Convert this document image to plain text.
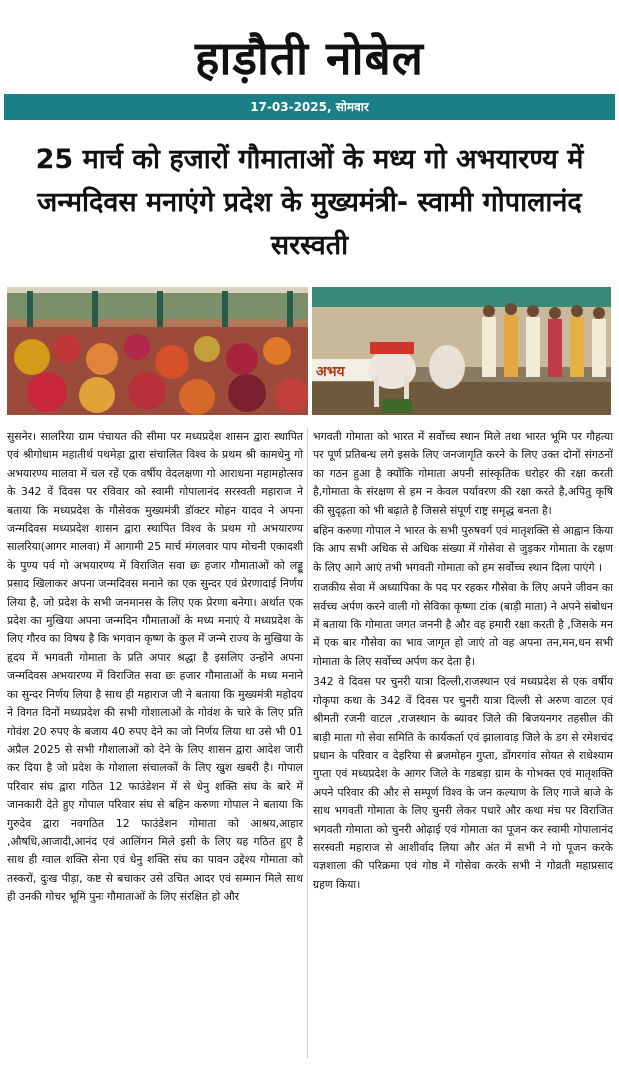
हाड़ौती नोबेल
17-03-2025, सोमवार
25 मार्च को हजारों गौमाताओं के मध्य गो अभयारण्य में जन्मदिवस मनाएंगे प्रदेश के मुख्यमंत्री- स्वामी गोपालानंद सरस्वती
अभय

सुसनेर। सालरिया ग्राम पंचायत की सीमा पर मध्यप्रदेश शासन द्वारा स्थापित एवं श्रीगोधाम महातीर्थ पथमेड़ा द्वारा संचालित विश्व के प्रथम श्री कामधेनु गो अभयारण्य मालवा में चल रहें एक वर्षीय वेदलक्षणा गो आराधना महामहोत्सव के 342 वें दिवस पर रविवार को स्वामी गोपालानंद सरस्वती महाराज ने बताया कि मध्यप्रदेश के गौसेवक मुख्यमंत्री डॉक्टर मोहन यादव ने अपना जन्मदिवस मध्यप्रदेश शासन द्वारा स्थापित विश्व के प्रथम गो अभयारण्य सालरिया(आगर मालवा) में आगामी 25 मार्च मंगलवार पाप मोचनी एकादशी के पुण्य पर्व गो अभयारण्य में विराजित सवा छः हजार गौमाताओं को लड्डू प्रसाद खिलाकर अपना जन्मदिवस मनाने का एक सुन्दर एवं प्रेरणादाई निर्णय लिया है, जो प्रदेश के सभी जनमानस के लिए एक प्रेरणा बनेगा। अर्थात एक प्रदेश का मुखिया अपना जन्मदिन गौमाताओं के मध्य मनाएं ये मध्यप्रदेश के लिए गौरव का विषय है कि भगवान कृष्ण के कुल में जन्मे राज्य के मुखिया के हृदय में भगवती गोमाता के प्रति अपार श्रद्धा है इसलिए उन्होंने अपना जन्मदिवस अभयारण्य में विराजित सवा छः हजार गौमाताओं के मध्य मनाने का सुन्दर निर्णय लिया है साथ ही महाराज जी ने बताया कि मुख्यमंत्री महोदय ने विगत दिनों मध्यप्रदेश की सभी गोशालाओं के गोवंश के चारे के लिए प्रति गोवंश 20 रुपए के बजाय 40 रुपए देने का जो निर्णय लिया था उसे भी 01 अप्रैल 2025 से सभी गौशालाओं को देने के लिए शासन द्वारा आदेश जारी कर दिया है जो प्रदेश के गोशाला संचालकों के लिए खुश खबरी है। गोपाल परिवार संघ द्वारा गठित 12 फाउंडेशन में से धेनु शक्ति संघ के बारे में जानकारी देते हुए गोपाल परिवार संघ से बहिन करुणा गोपाल ने बताया कि गुरुदेव द्वारा नवगठित 12 फाउंडेशन गोमाता को आश्रय,आहार ,औषधि,आजादी,आनंद एवं आलिंगन मिले इसी के लिए यह गठित हुए है साथ ही ग्वाल शक्ति सेना एवं धेनु शक्ति संघ का पावन उद्देश्य गोमाता को तस्करों, दुःख पीड़ा, कष्ट से बचाकर उसे उचित आदर एवं सम्मान मिले साथ ही उनकी गोचर भूमि पुनः गौमाताओं के लिए संरक्षित हो और

भगवती गोमाता को भारत में सर्वोच्च स्थान मिले तथा भारत भूमि पर गौहत्या पर पूर्ण प्रतिबन्ध लगे इसके लिए जनजागृति करने के लिए उक्त दोनों संगठनों का गठन हुआ है क्योंकि गोमाता अपनी सांस्कृतिक धरोहर की रक्षा करती है,गोमाता के संरक्षण से हम न केवल पर्यावरण की रक्षा करते है,अपितु कृषि की सुदृढ़ता को भी बढ़ाते है जिससे संपूर्ण राष्ट्र समृद्ध बनता है।

बहिन करुणा गोपाल ने भारत के सभी पुरुषवर्ग एवं मातृशक्ति से आह्वान किया कि आप सभी अधिक से अधिक संख्या में गोसेवा से जुड़कर गोमाता के रक्षण के लिए आगे आएं तभी भगवती गोमाता को हम सर्वोच्च स्थान दिला पाएंगे ।

राजकीय सेवा में अध्यापिका के पद पर रहकर गौसेवा के लिए अपने जीवन का सर्वच्च अर्पण करने वाली गो सेविका कृष्णा टांक (बाड़ी माता) ने अपने संबोधन में बताया कि गोमाता जगत जननी है और वह हमारी रक्षा करती है ,जिसके मन में एक बार गौसेवा का भाव जागृत हो जाएं तो वह अपना तन,मन,धन सभी गोमाता के लिए सर्वोच्च अर्पण कर देता है।

342 वे दिवस पर चुनरी यात्रा दिल्ली,राजस्थान एवं मध्यप्रदेश से एक वर्षीय गोकृपा कथा के 342 वें दिवस पर चुनरी यात्रा दिल्ली से अरुण वाटल एवं श्रीमती रजनी वाटल ,राजस्थान के ब्यावर जिले की बिजयनगर तहसील की बाड़ी माता गो सेवा समिति के कार्यकर्ता एवं झालावाड़ जिले के डग से रमेशचंद प्रधान के परिवार व देहरिया से ब्रजमोहन गुप्ता, डोंगरगांव सोयत से राधेश्याम गुप्ता एवं मध्यप्रदेश के आगर जिले के गडबड़ा ग्राम के गोभक्त एवं मातृशक्ति अपने परिवार की और से सम्पूर्ण विश्व के जन कल्याण के लिए गाजे बाजे के साथ भगवती गोमाता के लिए चुनरी लेकर पधारे और कथा मंच पर विराजित भगवती गोमाता को चुनरी ओढ़ाई एवं गोमाता का पूजन कर स्वामी गोपालानंद सरस्वती महाराज से आशीर्वाद लिया और अंत में सभी ने गो पूजन करके यज्ञशाला की परिक्रमा एवं गोष्ठ में गोसेवा करके सभी ने गोव्रती महाप्रसाद ग्रहण किया।
